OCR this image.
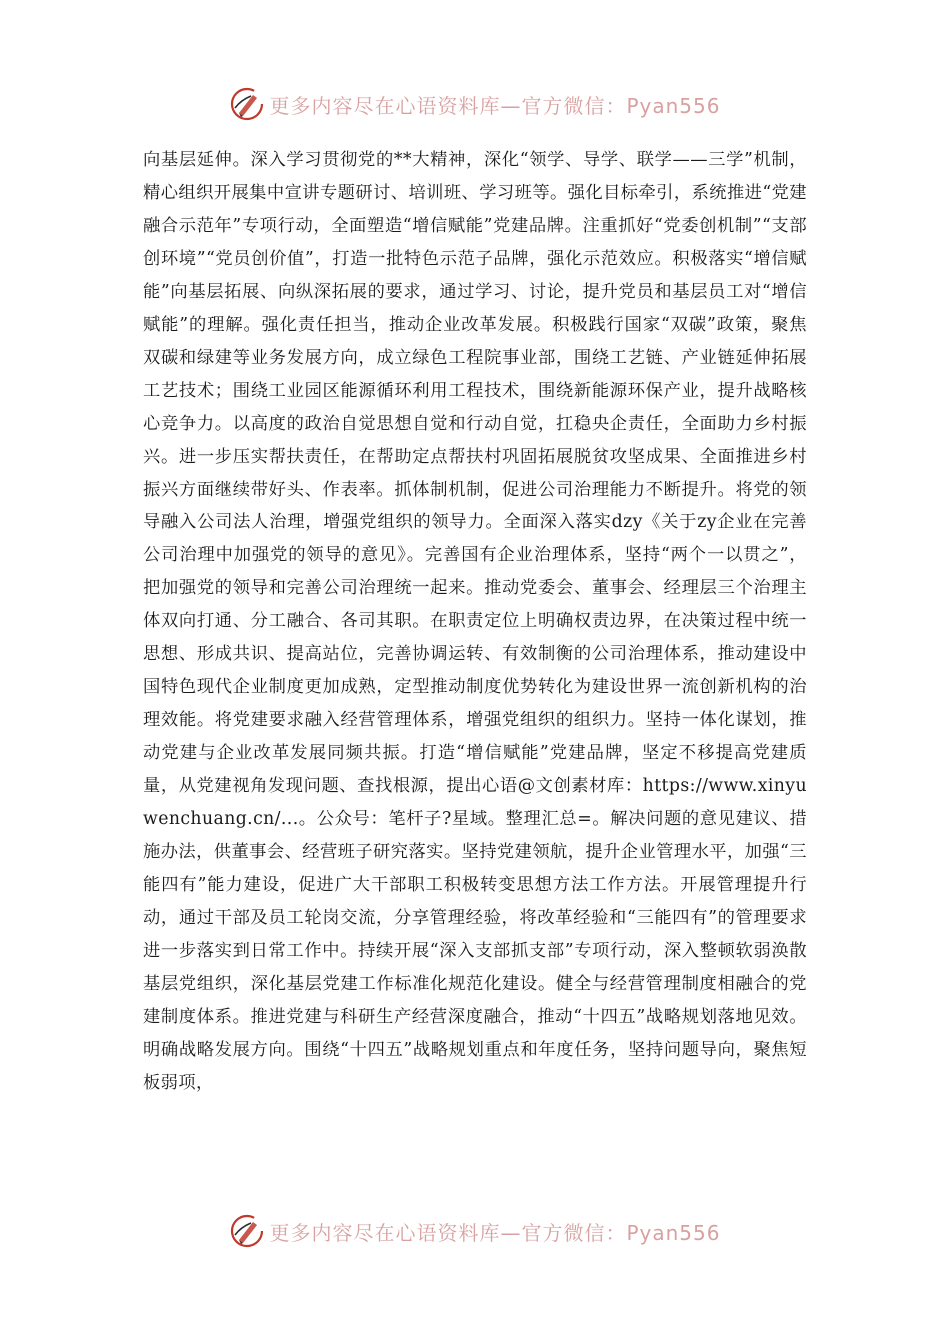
更多内容尽在心语资料库—官方微信：Pyan556

向基层延伸。深入学习贯彻党的**大精神，深化“领学、导学、联学——三学”机制，精心组织开展集中宣讲专题研讨、培训班、学习班等。强化目标牵引，系统推进“党建融合示范年”专项行动，全面塑造“增信赋能”党建品牌。注重抓好“党委创机制”“支部创环境”“党员创价值”，打造一批特色示范子品牌，强化示范效应。积极落实“增信赋能”向基层拓展、向纵深拓展的要求，通过学习、讨论，提升党员和基层员工对“增信赋能”的理解。强化责任担当，推动企业改革发展。积极践行国家“双碳”政策，聚焦双碳和绿建等业务发展方向，成立绿色工程院事业部，围绕工艺链、产业链延伸拓展工艺技术；围绕工业园区能源循环利用工程技术，围绕新能源环保产业，提升战略核心竞争力。以高度的政治自觉思想自觉和行动自觉，扛稳央企责任，全面助力乡村振兴。进一步压实帮扶责任，在帮助定点帮扶村巩固拓展脱贫攻坚成果、全面推进乡村振兴方面继续带好头、作表率。抓体制机制，促进公司治理能力不断提升。将党的领导融入公司法人治理，增强党组织的领导力。全面深入落实dzy《关于zy企业在完善公司治理中加强党的领导的意见》。完善国有企业治理体系，坚持“两个一以贯之”，把加强党的领导和完善公司治理统一起来。推动党委会、董事会、经理层三个治理主体双向打通、分工融合、各司其职。在职责定位上明确权责边界，在决策过程中统一思想、形成共识、提高站位，完善协调运转、有效制衡的公司治理体系，推动建设中国特色现代企业制度更加成熟，定型推动制度优势转化为建设世界一流创新机构的治理效能。将党建要求融入经营管理体系，增强党组织的组织力。坚持一体化谋划，推动党建与企业改革发展同频共振。打造“增信赋能”党建品牌，坚定不移提高党建质量，从党建视角发现问题、查找根源，提出心语@文创素材库：https://www.xinyuwenchuang.cn/...。公众号：笔杆子?星域。整理汇总=。解决问题的意见建议、措施办法，供董事会、经营班子研究落实。坚持党建领航，提升企业管理水平，加强“三能四有”能力建设，促进广大干部职工积极转变思想方法工作方法。开展管理提升行动，通过干部及员工轮岗交流，分享管理经验，将改革经验和“三能四有”的管理要求进一步落实到日常工作中。持续开展“深入支部抓支部”专项行动，深入整顿软弱涣散基层党组织，深化基层党建工作标准化规范化建设。健全与经营管理制度相融合的党建制度体系。推进党建与科研生产经营深度融合，推动“十四五”战略规划落地见效。明确战略发展方向。围绕“十四五”战略规划重点和年度任务，坚持问题导向，聚焦短板弱项，

更多内容尽在心语资料库—官方微信：Pyan556
